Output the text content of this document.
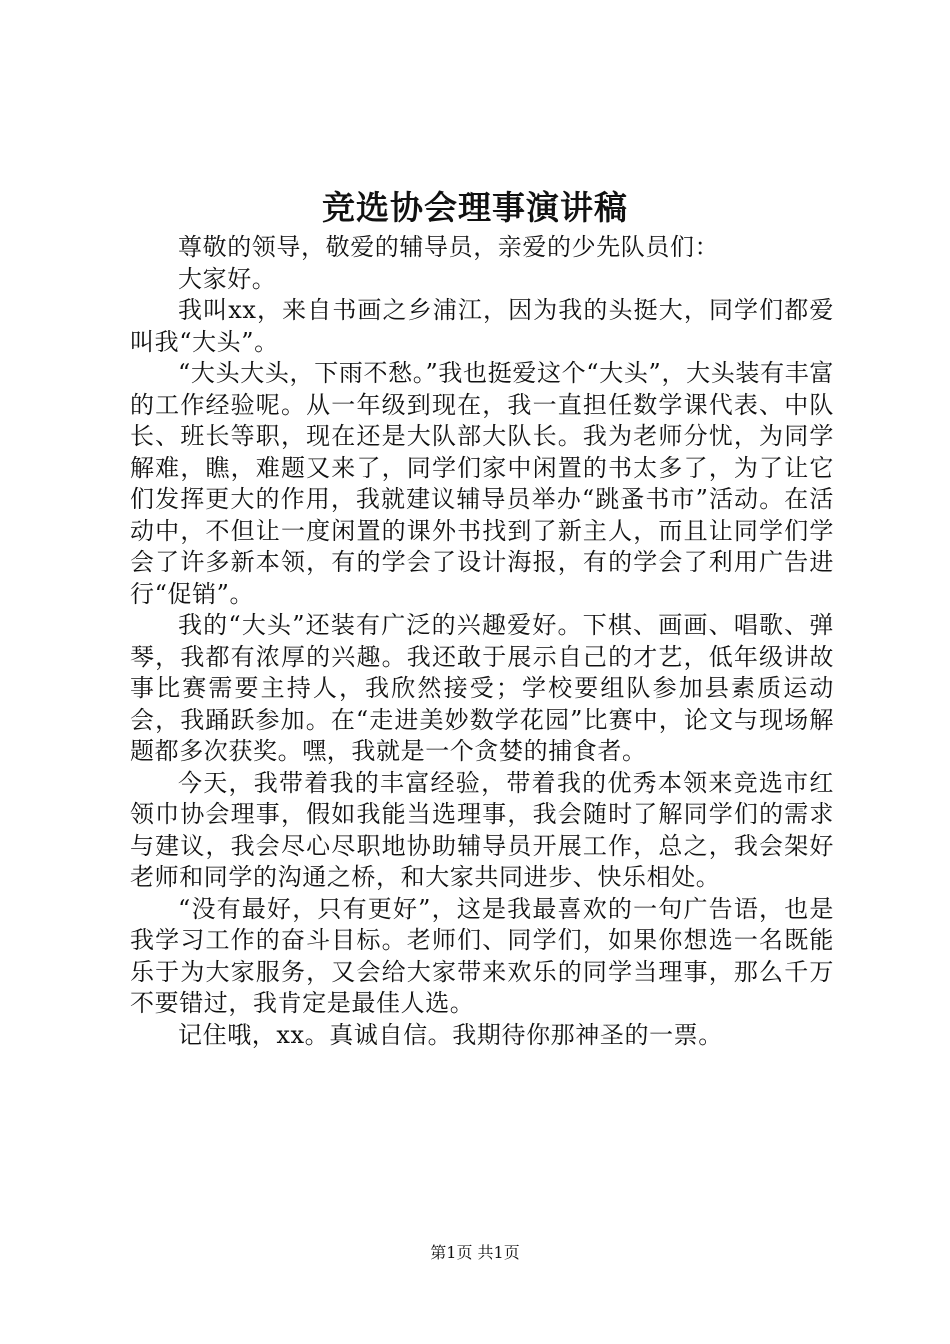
竞选协会理事演讲稿

尊敬的领导，敬爱的辅导员，亲爱的少先队员们：

大家好。

我叫xx，来自书画之乡浦江，因为我的头挺大，同学们都爱叫我“大头”。

“大头大头，下雨不愁。”我也挺爱这个“大头”，大头装有丰富的工作经验呢。从一年级到现在，我一直担任数学课代表、中队长、班长等职，现在还是大队部大队长。我为老师分忧，为同学解难，瞧，难题又来了，同学们家中闲置的书太多了，为了让它们发挥更大的作用，我就建议辅导员举办“跳蚤书市”活动。在活动中，不但让一度闲置的课外书找到了新主人，而且让同学们学会了许多新本领，有的学会了设计海报，有的学会了利用广告进行“促销”。

我的“大头”还装有广泛的兴趣爱好。下棋、画画、唱歌、弹琴，我都有浓厚的兴趣。我还敢于展示自己的才艺，低年级讲故事比赛需要主持人，我欣然接受；学校要组队参加县素质运动会，我踊跃参加。在“走进美妙数学花园”比赛中，论文与现场解题都多次获奖。嘿，我就是一个贪婪的捕食者。

今天，我带着我的丰富经验，带着我的优秀本领来竞选市红领巾协会理事，假如我能当选理事，我会随时了解同学们的需求与建议，我会尽心尽职地协助辅导员开展工作，总之，我会架好老师和同学的沟通之桥，和大家共同进步、快乐相处。

“没有最好，只有更好”，这是我最喜欢的一句广告语，也是我学习工作的奋斗目标。老师们、同学们，如果你想选一名既能乐于为大家服务，又会给大家带来欢乐的同学当理事，那么千万不要错过，我肯定是最佳人选。

记住哦，xx。真诚自信。我期待你那神圣的一票。

第1页 共1页
